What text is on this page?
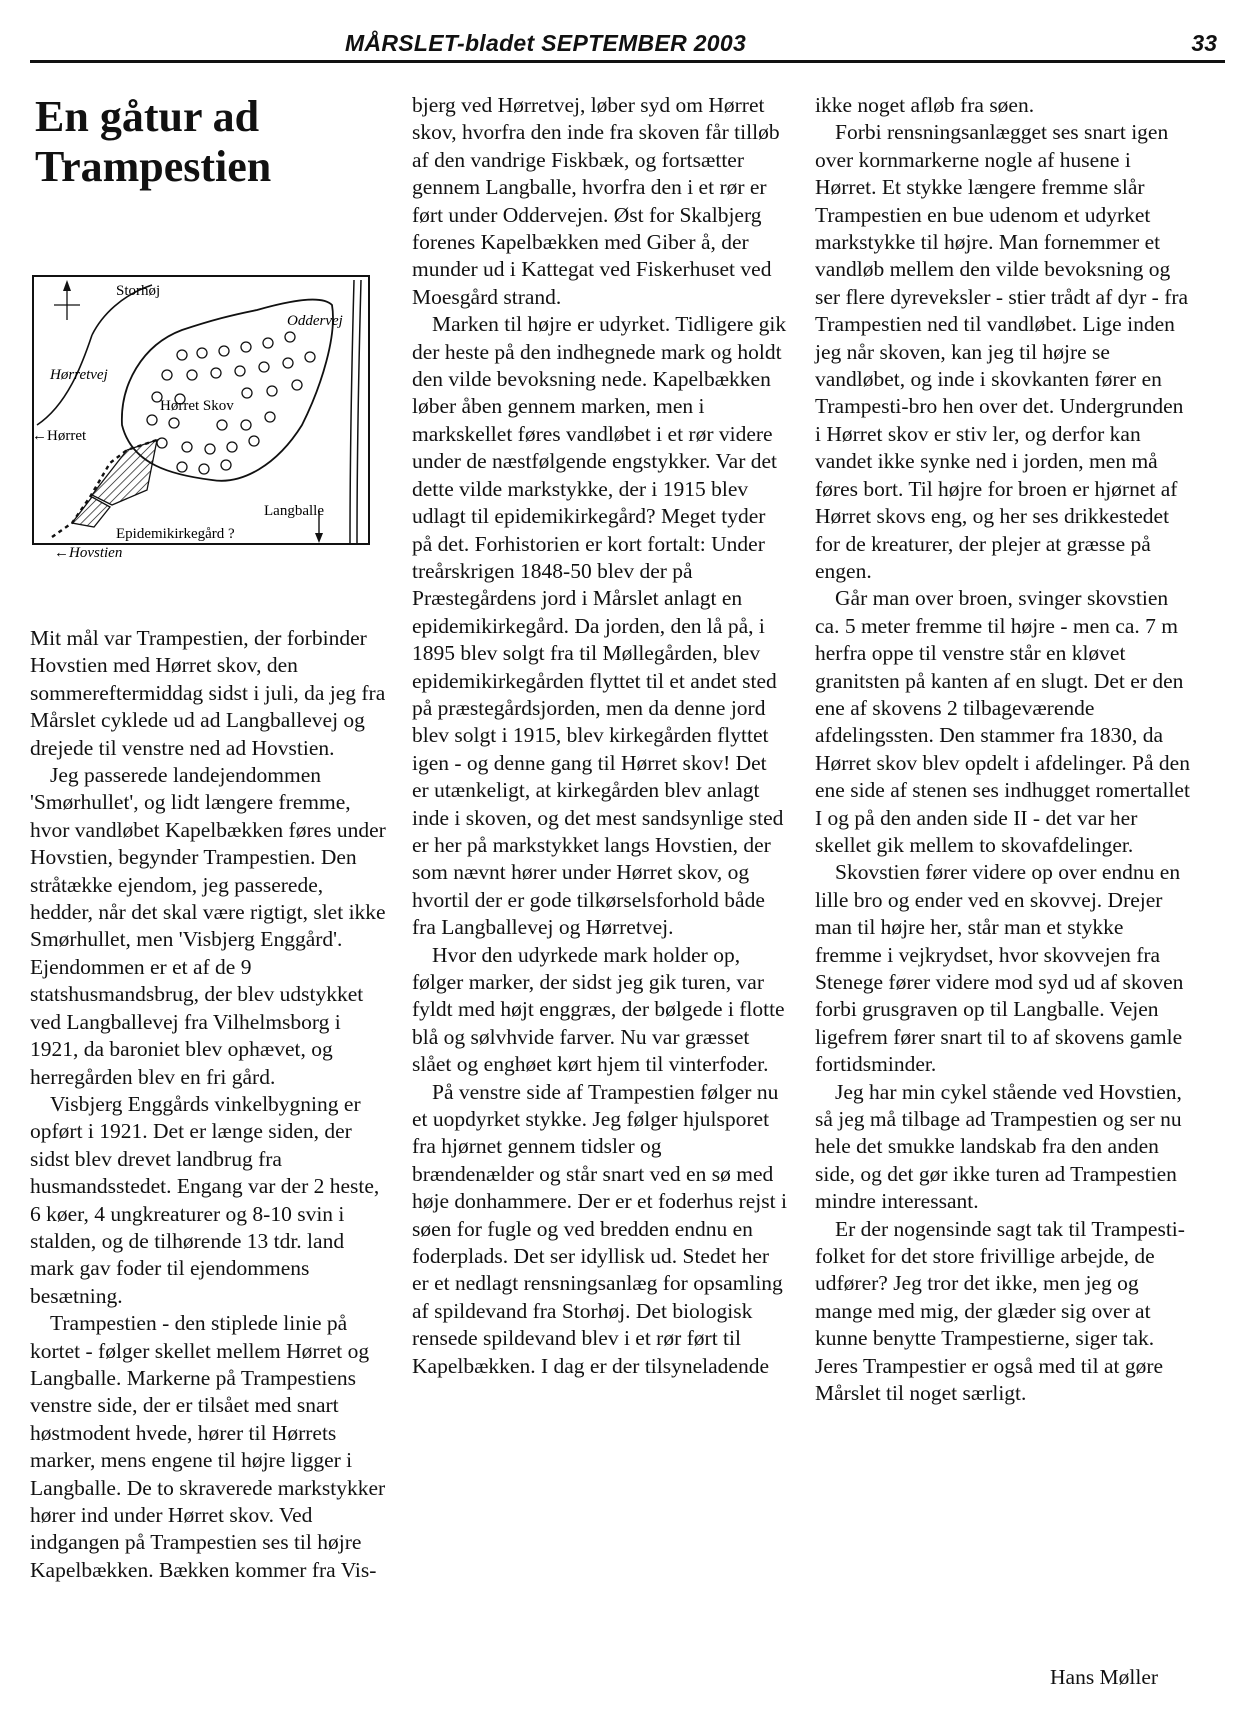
MÅRSLET-bladet SEPTEMBER 2003	33
En gåtur ad
Trampestien
Storhøj
Oddervej
Hørretvej
Hørret Skov
←Hørret
Langballe
Epidemikirkegård ?
←Hovstien

Mit mål var Trampestien, der forbinder Hovstien med Hørret skov, den sommereftermiddag sidst i juli, da jeg fra Mårslet cyklede ud ad Langballevej og drejede til venstre ned ad Hovstien.

Jeg passerede landejendommen 'Smørhullet', og lidt længere fremme, hvor vandløbet Kapelbækken føres under Hovstien, begynder Trampestien. Den stråtække ejendom, jeg passerede, hedder, når det skal være rigtigt, slet ikke Smørhullet, men 'Visbjerg Enggård'. Ejendommen er et af de 9 statshusmandsbrug, der blev udstykket ved Langballevej fra Vilhelmsborg i 1921, da baroniet blev ophævet, og herregården blev en fri gård.

Visbjerg Enggårds vinkelbygning er opført i 1921. Det er længe siden, der sidst blev drevet landbrug fra husmandsstedet. Engang var der 2 heste, 6 køer, 4 ungkreaturer og 8-10 svin i stalden, og de tilhørende 13 tdr. land mark gav foder til ejendommens besætning.

Trampestien - den stiplede linie på kortet - følger skellet mellem Hørret og Langballe. Markerne på Trampestiens venstre side, der er tilsået med snart høstmodent hvede, hører til Hørrets marker, mens engene til højre ligger i Langballe. De to skraverede markstykker hører ind under Hørret skov. Ved indgangen på Trampestien ses til højre Kapelbækken. Bækken kommer fra Vis-

bjerg ved Hørretvej, løber syd om Hørret skov, hvorfra den inde fra skoven får tilløb af den vandrige Fiskbæk, og fortsætter gennem Langballe, hvorfra den i et rør er ført under Oddervejen. Øst for Skalbjerg forenes Kapelbækken med Giber å, der munder ud i Kattegat ved Fiskerhuset ved Moesgård strand.

Marken til højre er udyrket. Tidligere gik der heste på den indhegnede mark og holdt den vilde bevoksning nede. Kapelbækken løber åben gennem marken, men i markskellet føres vandløbet i et rør videre under de næstfølgende engstykker. Var det dette vilde markstykke, der i 1915 blev udlagt til epidemikirkegård? Meget tyder på det. Forhistorien er kort fortalt: Under treårskrigen 1848-50 blev der på Præstegårdens jord i Mårslet anlagt en epidemikirkegård. Da jorden, den lå på, i 1895 blev solgt fra til Møllegården, blev epidemikirkegården flyttet til et andet sted på præstegårdsjorden, men da denne jord blev solgt i 1915, blev kirkegården flyttet igen - og denne gang til Hørret skov! Det er utænkeligt, at kirkegården blev anlagt inde i skoven, og det mest sandsynlige sted er her på markstykket langs Hovstien, der som nævnt hører under Hørret skov, og hvortil der er gode tilkørselsforhold både fra Langballevej og Hørretvej.

Hvor den udyrkede mark holder op, følger marker, der sidst jeg gik turen, var fyldt med højt enggræs, der bølgede i flotte blå og sølvhvide farver. Nu var græsset slået og enghøet kørt hjem til vinterfoder.

På venstre side af Trampestien følger nu et uopdyrket stykke. Jeg følger hjulsporet fra hjørnet gennem tidsler og brændenælder og står snart ved en sø med høje donhammere. Der er et foderhus rejst i søen for fugle og ved bredden endnu en foderplads. Det ser idyllisk ud. Stedet her er et nedlagt rensningsanlæg for opsamling af spildevand fra Storhøj. Det biologisk rensede spildevand blev i et rør ført til Kapelbækken. I dag er der tilsyneladende

ikke noget afløb fra søen.

Forbi rensningsanlægget ses snart igen over kornmarkerne nogle af husene i Hørret. Et stykke længere fremme slår Trampestien en bue udenom et udyrket markstykke til højre. Man fornemmer et vandløb mellem den vilde bevoksning og ser flere dyreveksler - stier trådt af dyr - fra Trampestien ned til vandløbet. Lige inden jeg når skoven, kan jeg til højre se vandløbet, og inde i skovkanten fører en Trampesti-bro hen over det. Undergrunden i Hørret skov er stiv ler, og derfor kan vandet ikke synke ned i jorden, men må føres bort. Til højre for broen er hjørnet af Hørret skovs eng, og her ses drikkestedet for de kreaturer, der plejer at græsse på engen.

Går man over broen, svinger skovstien ca. 5 meter fremme til højre - men ca. 7 m herfra oppe til venstre står en kløvet granitsten på kanten af en slugt. Det er den ene af skovens 2 tilbageværende afdelingssten. Den stammer fra 1830, da Hørret skov blev opdelt i afdelinger. På den ene side af stenen ses indhugget romertallet I og på den anden side II - det var her skellet gik mellem to skovafdelinger.

Skovstien fører videre op over endnu en lille bro og ender ved en skovvej. Drejer man til højre her, står man et stykke fremme i vejkrydset, hvor skovvejen fra Stenege fører videre mod syd ud af skoven forbi grusgraven op til Langballe. Vejen ligefrem fører snart til to af skovens gamle fortidsminder.

Jeg har min cykel stående ved Hovstien, så jeg må tilbage ad Trampestien og ser nu hele det smukke landskab fra den anden side, og det gør ikke turen ad Trampestien mindre interessant.

Er der nogensinde sagt tak til Trampesti-folket for det store frivillige arbejde, de udfører? Jeg tror det ikke, men jeg og mange med mig, der glæder sig over at kunne benytte Trampestierne, siger tak. Jeres Trampestier er også med til at gøre Mårslet til noget særligt.

Hans Møller
